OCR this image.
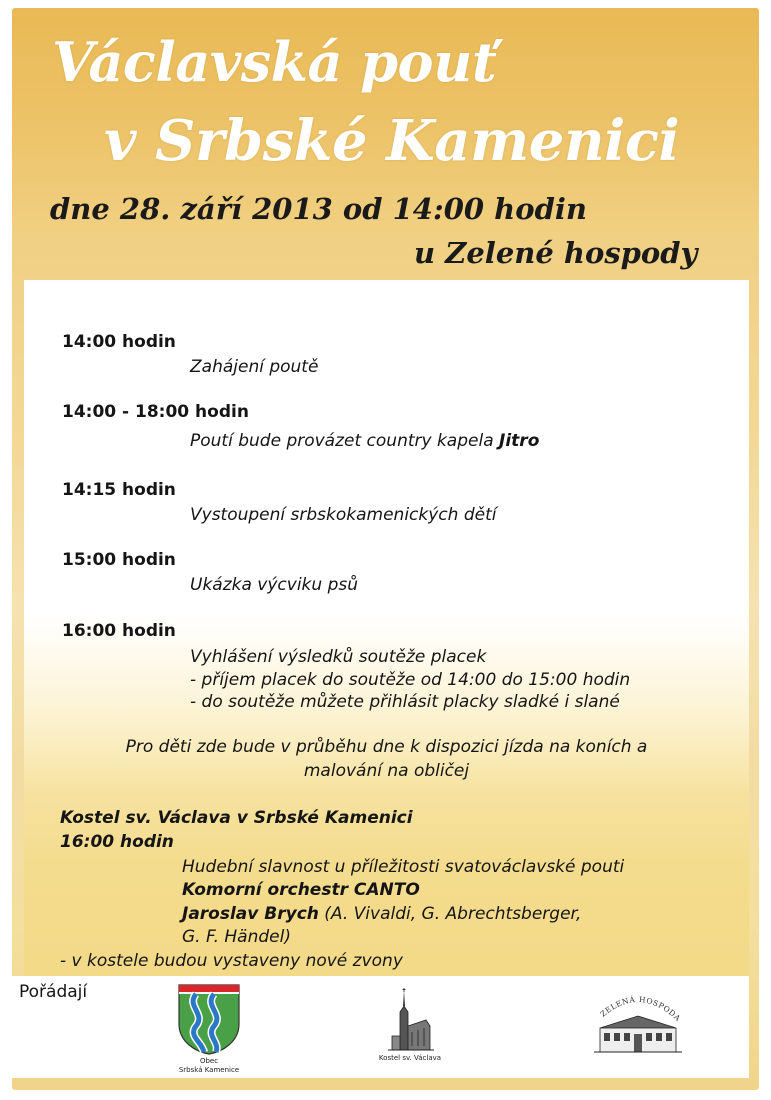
Václavská pouť
v Srbské Kamenici
dne 28. září 2013 od 14:00 hodin
u Zelené hospody
14:00 hodin
Zahájení poutě
14:00 - 18:00 hodin
Poutí bude provázet country kapela Jitro
14:15 hodin
Vystoupení srbskokamenických dětí
15:00 hodin
Ukázka výcviku psů
16:00 hodin
Vyhlášení výsledků soutěže placek
- příjem placek do soutěže od 14:00 do 15:00 hodin
- do soutěže můžete přihlásit placky sladké i slané
Pro děti zde bude v průběhu dne k dispozici jízda na koních a
malování na obličej
Kostel sv. Václava v Srbské Kamenici
16:00 hodin
Hudební slavnost u příležitosti svatováclavské pouti
Komorní orchestr CANTO
Jaroslav Brych (A. Vivaldi, G. Abrechtsberger,
G. F. Händel)
- v kostele budou vystaveny nové zvony
Pořádají
Obec
Srbská Kamenice
Kostel sv. Václava
ZELENÁ HOSPODA
